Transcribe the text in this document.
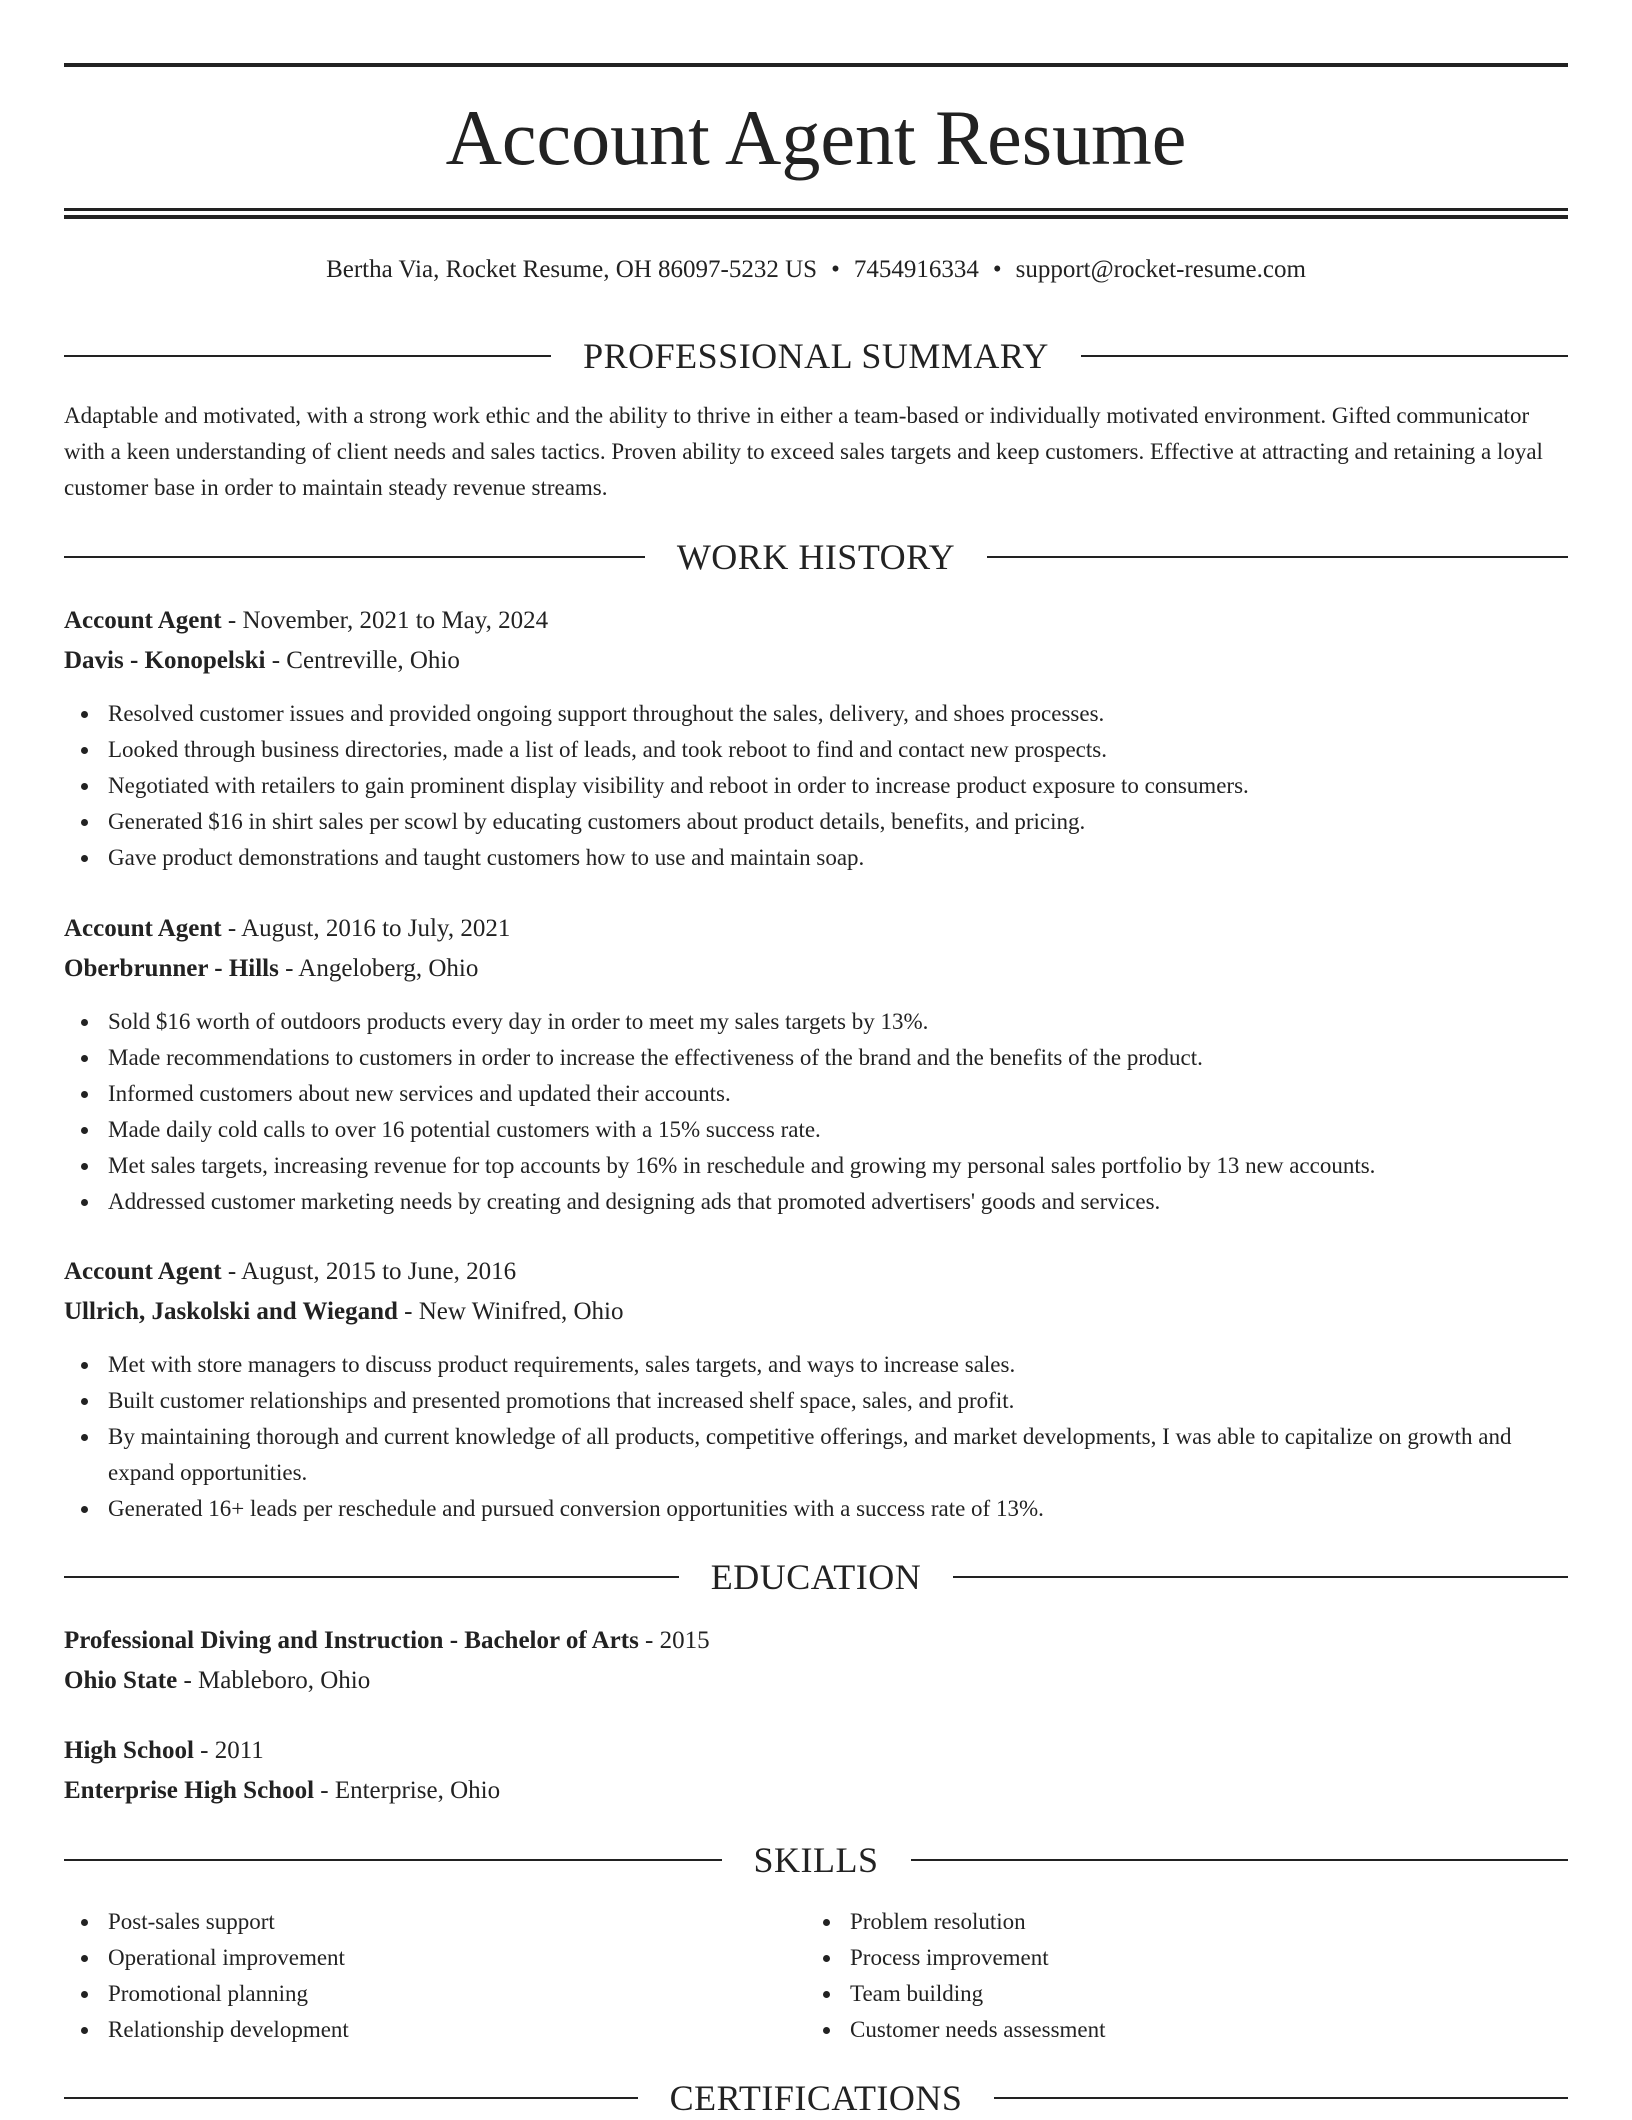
Account Agent Resume
Bertha Via, Rocket Resume, OH 86097-5232 US • 7454916334 • support@rocket-resume.com
PROFESSIONAL SUMMARY
Adaptable and motivated, with a strong work ethic and the ability to thrive in either a team-based or individually motivated environment. Gifted communicator with a keen understanding of client needs and sales tactics. Proven ability to exceed sales targets and keep customers. Effective at attracting and retaining a loyal customer base in order to maintain steady revenue streams.
WORK HISTORY
Account Agent - November, 2021 to May, 2024
Davis - Konopelski - Centreville, Ohio
Resolved customer issues and provided ongoing support throughout the sales, delivery, and shoes processes.
Looked through business directories, made a list of leads, and took reboot to find and contact new prospects.
Negotiated with retailers to gain prominent display visibility and reboot in order to increase product exposure to consumers.
Generated $16 in shirt sales per scowl by educating customers about product details, benefits, and pricing.
Gave product demonstrations and taught customers how to use and maintain soap.
Account Agent - August, 2016 to July, 2021
Oberbrunner - Hills - Angeloberg, Ohio
Sold $16 worth of outdoors products every day in order to meet my sales targets by 13%.
Made recommendations to customers in order to increase the effectiveness of the brand and the benefits of the product.
Informed customers about new services and updated their accounts.
Made daily cold calls to over 16 potential customers with a 15% success rate.
Met sales targets, increasing revenue for top accounts by 16% in reschedule and growing my personal sales portfolio by 13 new accounts.
Addressed customer marketing needs by creating and designing ads that promoted advertisers' goods and services.
Account Agent - August, 2015 to June, 2016
Ullrich, Jaskolski and Wiegand - New Winifred, Ohio
Met with store managers to discuss product requirements, sales targets, and ways to increase sales.
Built customer relationships and presented promotions that increased shelf space, sales, and profit.
By maintaining thorough and current knowledge of all products, competitive offerings, and market developments, I was able to capitalize on growth and expand opportunities.
Generated 16+ leads per reschedule and pursued conversion opportunities with a success rate of 13%.
EDUCATION
Professional Diving and Instruction - Bachelor of Arts - 2015
Ohio State - Mableboro, Ohio
High School - 2011
Enterprise High School - Enterprise, Ohio
SKILLS
Post-sales support
Operational improvement
Promotional planning
Relationship development
Problem resolution
Process improvement
Team building
Customer needs assessment
CERTIFICATIONS
